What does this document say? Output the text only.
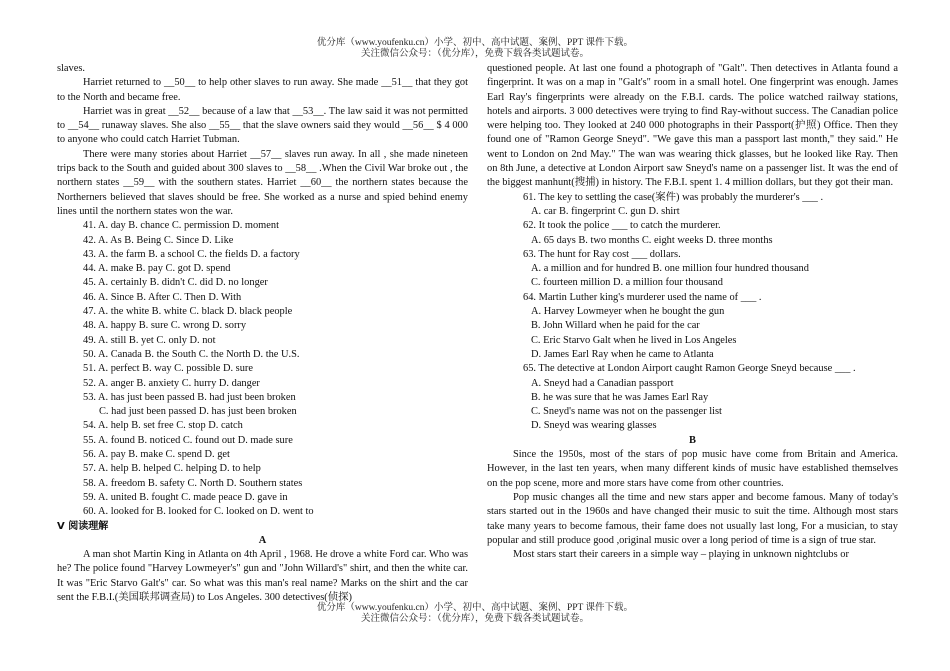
优分库（www.youfenku.cn）小学、初中、高中试题、案例、PPT 课件下载。
关注微信公众号：（优分库），免费下载各类试题试卷。

slaves.

Harriet returned to __50__ to help other slaves to run away. She made __51__ that they got to the North and became free.

Harriet was in great __52__ because of a law that __53__. The law said it was not permitted to __54__ runaway slaves. She also __55__ that the slave owners said they would __56__ $ 4 000 to anyone who could catch Harriet Tubman.

There were many stories about Harriet __57__ slaves run away. In all , she made nineteen trips back to the South and guided about 300 slaves to __58__ .When the Civil War broke out , the northern states __59__ with the southern states. Harriet __60__ the northern states because the Northerners believed that slaves should be free. She worked as a nurse and spied behind enemy lines until the northern states won the war.

41. A. day B. chance C. permission D. moment
42. A. As B. Being C. Since D. Like
43. A. the farm B. a school C. the fields D. a factory
44. A. make B. pay C. got D. spend
45. A. certainly B. didn't C. did D. no longer
46. A. Since B. After C. Then D. With
47. A. the white B. white C. black D. black people
48. A. happy B. sure C. wrong D. sorry
49. A. still B. yet C. only D. not
50. A. Canada B. the South C. the North D. the U.S.
51. A. perfect B. way C. possible D. sure
52. A. anger B. anxiety C. hurry D. danger
53. A. has just been passed B. had just been broken
C. had just been passed D. has just been broken
54. A. help B. set free C. stop D. catch
55. A. found B. noticed C. found out D. made sure
56. A. pay B. make C. spend D. get
57. A. help B. helped C. helping D. to help
58. A. freedom B. safety C. North D. Southern states
59. A. united B. fought C. made peace D. gave in
60. A. looked for B. looked for C. looked on D. went to
Ⅴ 阅读理解
A

A man shot Martin King in Atlanta on 4th April , 1968. He drove a white Ford car. Who was he? The police found "Harvey Lowmeyer's" gun and "John Willard's" shirt, and then the white car. It was "Eric Starvo Galt's" car. So what was this man's real name? Marks on the shirt and the car sent the F.B.I.(美国联邦调查局) to Los Angeles. 300 detectives(侦探)

questioned people. At last one found a photograph of "Galt". Then detectives in Atlanta found a fingerprint. It was on a map in "Galt's" room in a small hotel. One fingerprint was enough. James Earl Ray's fingerprints were already on the F.B.I. cards. The police watched railway stations, hotels and airports. 3 000 detectives were trying to find Ray-without success. The Canadian police were helping too. They looked at 240 000 photographs in their Passport(护照) Office. Then they found one of "Ramon George Sneyd". "We gave this man a passport last month," they said." He went to London on 2nd May." The wan was wearing thick glasses, but he looked like Ray. Then on 8th June, a detective at London Airport saw Sneyd's name on a passenger list. It was the end of the biggest manhunt(搜捕) in history. The F.B.I. spent 1. 4 million dollars, but they got their man.

61. The key to settling the case(案件) was probably the murderer's ___ .
A. car B. fingerprint C. gun D. shirt
62. It took the police ___ to catch the murderer.
A. 65 days B. two months C. eight weeks D. three months
63. The hunt for Ray cost ___ dollars.
A. a million and for hundred B. one million four hundred thousand
C. fourteen million D. a million four thousand
64. Martin Luther king's murderer used the name of ___ .
A. Harvey Lowmeyer when he bought the gun
B. John Willard when he paid for the car
C. Eric Starvo Galt when he lived in Los Angeles
D. James Earl Ray when he came to Atlanta
65. The detective at London Airport caught Ramon George Sneyd because ___ .
A. Sneyd had a Canadian passport
B. he was sure that he was James Earl Ray
C. Sneyd's name was not on the passenger list
D. Sneyd was wearing glasses
B

Since the 1950s, most of the stars of pop music have come from Britain and America. However, in the last ten years, when many different kinds of music have established themselves on the pop scene, more and more stars have come from other countries.

Pop music changes all the time and new stars apper and become famous. Many of today's stars started out in the 1960s and have changed their music to suit the time. Although most stars take many years to become famous, their fame does not usually last long, For a musician, to stay popular and still produce good ,original music over a long period of time is a sign of true star.

Most stars start their careers in a simple way – playing in unknown nightclubs or

优分库（www.youfenku.cn）小学、初中、高中试题、案例、PPT 课件下载。
关注微信公众号：（优分库），免费下载各类试题试卷。
